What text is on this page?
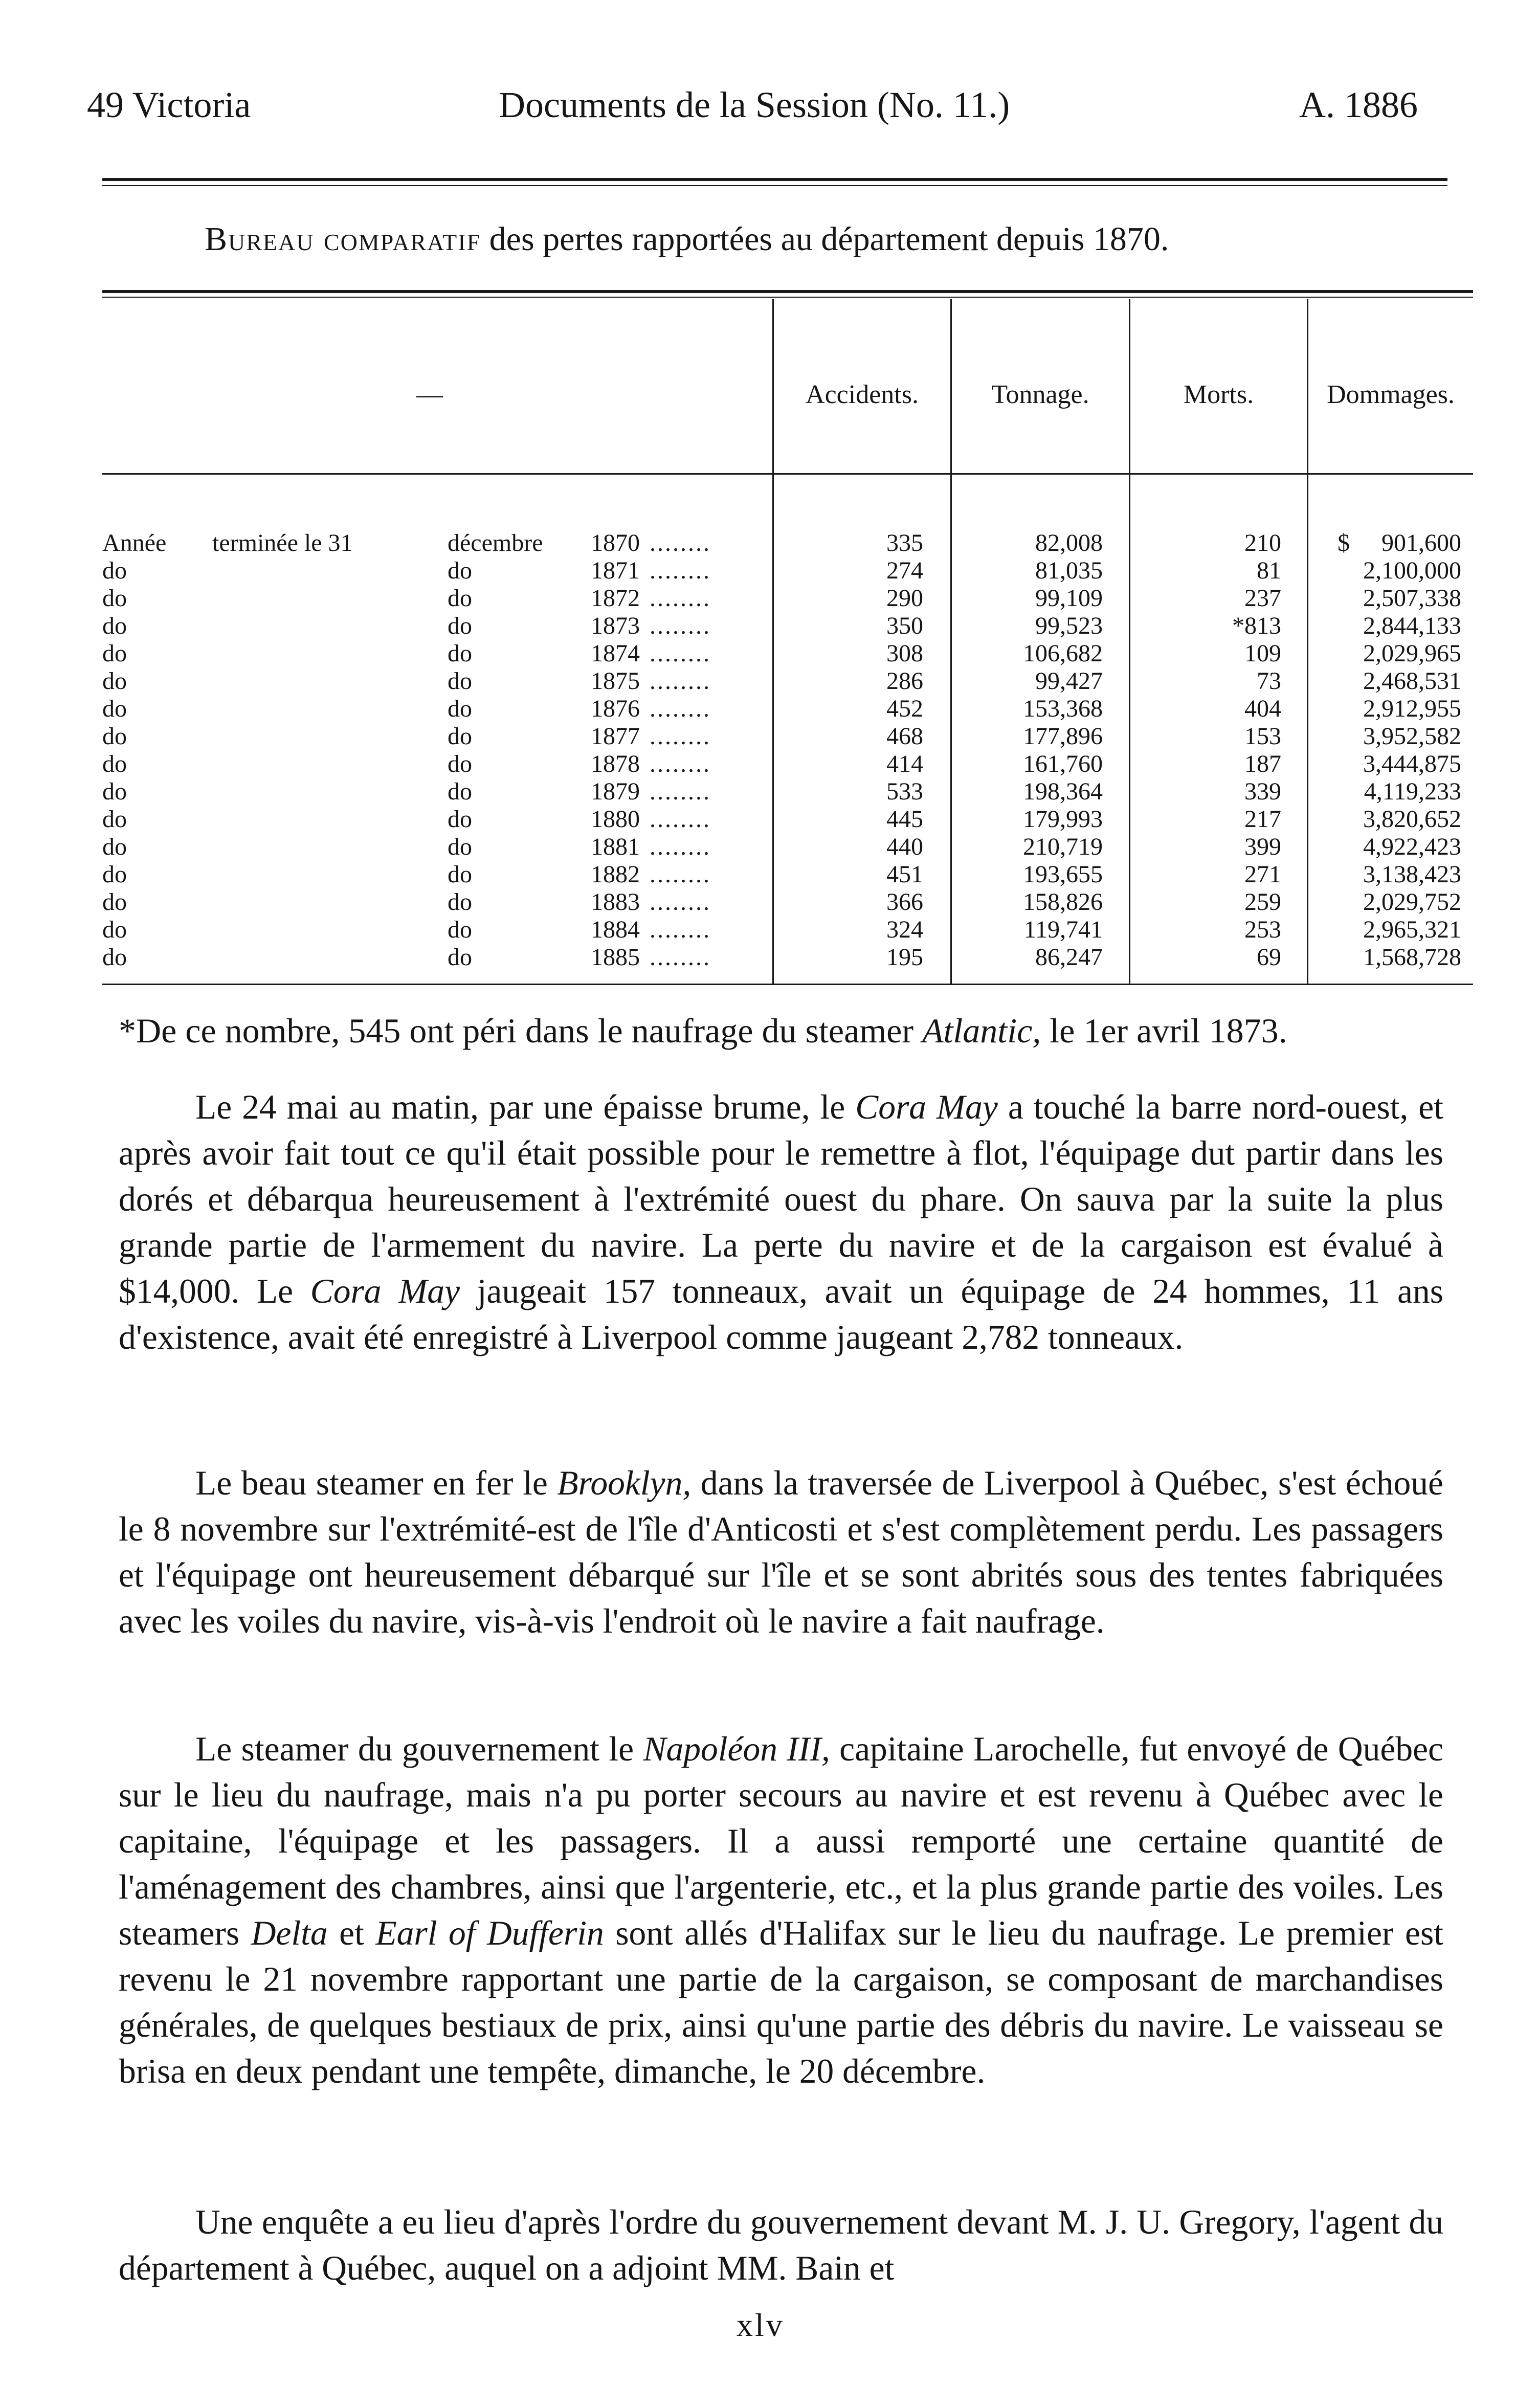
49 Victoria	Documents de la Session (No. 11.)	A. 1886
Bureau comparatif des pertes rapportées au département depuis 1870.
—	Accidents.	Tonnage.	Morts.	Dommages.
$
Année terminée le 31	décembre 1870 ........	335	82,008	210	901,600
do	do	1871 ........	274	81,035	81	2,100,000
do	do	1872 ........	290	99,109	237	2,507,338
do	do	1873 ........	350	99,523	*813	2,844,133
do	do	1874 ........	308	106,682	109	2,029,965
do	do	1875 ........	286	99,427	73	2,468,531
do	do	1876 ........	452	153,368	404	2,912,955
do	do	1877 ........	468	177,896	153	3,952,582
do	do	1878 ........	414	161,760	187	3,444,875
do	do	1879 ........	533	198,364	339	4,119,233
do	do	1880 ........	445	179,993	217	3,820,652
do	do	1881 ........	440	210,719	399	4,922,423
do	do	1882 ........	451	193,655	271	3,138,423
do	do	1883 ........	366	158,826	259	2,029,752
do	do	1884 ........	324	119,741	253	2,965,321
do	do	1885 ........	195	86,247	69	1,568,728
*De ce nombre, 545 ont péri dans le naufrage du steamer Atlantic, le 1er avril 1873.

Le 24 mai au matin, par une épaisse brume, le Cora May a touché la barre nord-ouest, et après avoir fait tout ce qu'il était possible pour le remettre à flot, l'équipage dut partir dans les dorés et débarqua heureusement à l'extrémité ouest du phare. On sauva par la suite la plus grande partie de l'armement du navire. La perte du navire et de la cargaison est évalué à $14,000. Le Cora May jaugeait 157 tonneaux, avait un équipage de 24 hommes, 11 ans d'existence, avait été enregistré à Liverpool comme jaugeant 2,782 tonneaux.

Le beau steamer en fer le Brooklyn, dans la traversée de Liverpool à Québec, s'est échoué le 8 novembre sur l'extrémité-est de l'île d'Anticosti et s'est complètement perdu. Les passagers et l'équipage ont heureusement débarqué sur l'île et se sont abrités sous des tentes fabriquées avec les voiles du navire, vis-à-vis l'endroit où le navire a fait naufrage.

Le steamer du gouvernement le Napoléon III, capitaine Larochelle, fut envoyé de Québec sur le lieu du naufrage, mais n'a pu porter secours au navire et est revenu à Québec avec le capitaine, l'équipage et les passagers. Il a aussi remporté une certaine quantité de l'aménagement des chambres, ainsi que l'argenterie, etc., et la plus grande partie des voiles. Les steamers Delta et Earl of Dufferin sont allés d'Halifax sur le lieu du naufrage. Le premier est revenu le 21 novembre rapportant une partie de la cargaison, se composant de marchandises générales, de quelques bestiaux de prix, ainsi qu'une partie des débris du navire. Le vaisseau se brisa en deux pendant une tempête, dimanche, le 20 décembre.

Une enquête a eu lieu d'après l'ordre du gouvernement devant M. J. U. Gregory, l'agent du département à Québec, auquel on a adjoint MM. Bain et

xlv
